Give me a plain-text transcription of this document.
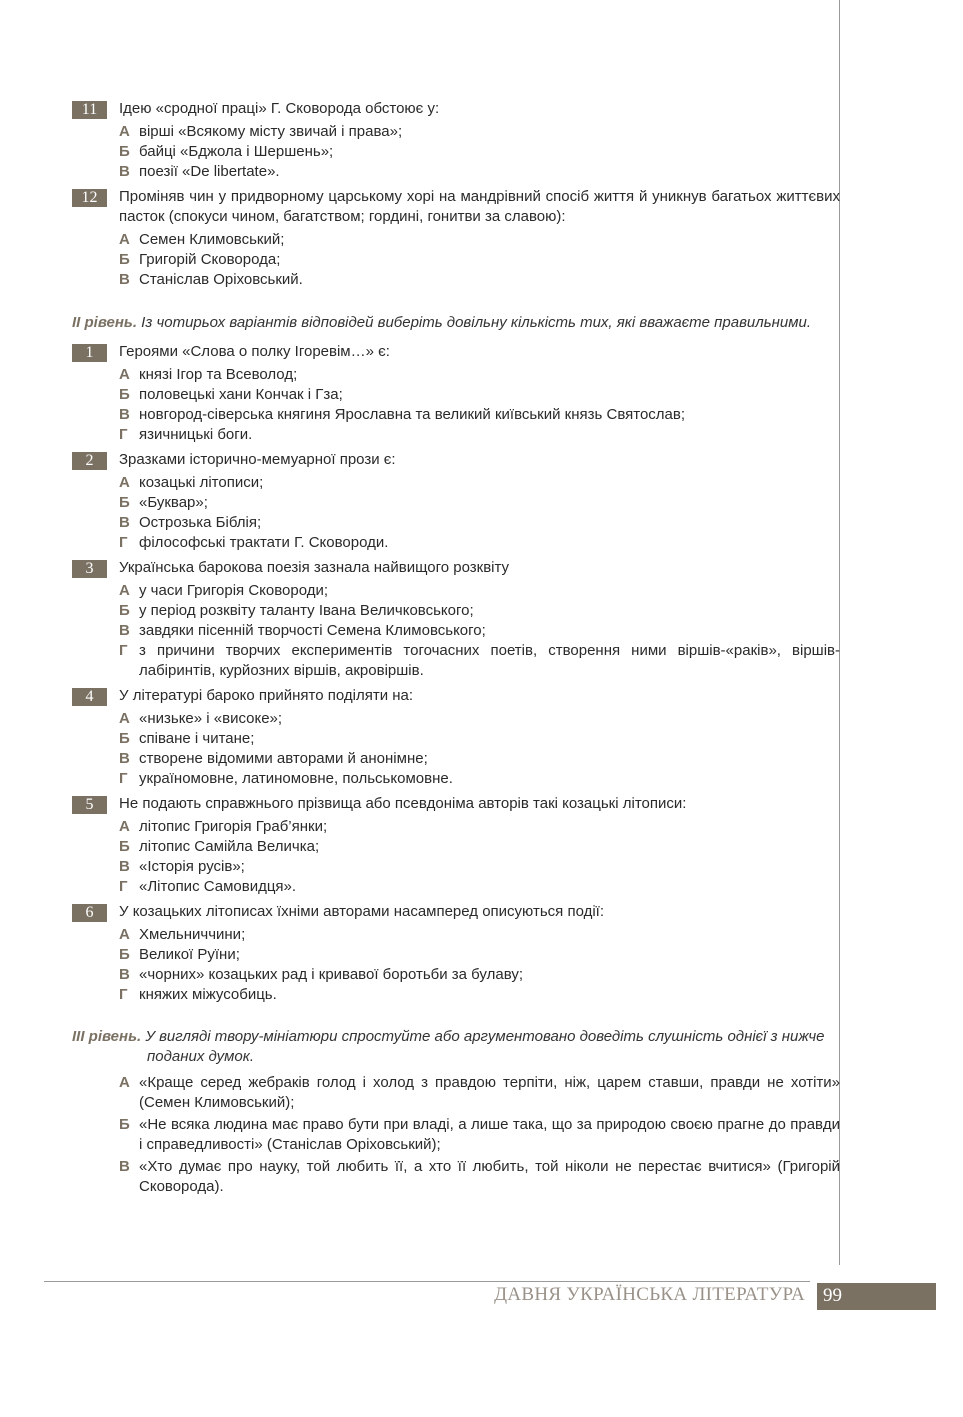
11	Ідею «сродної праці» Г. Сковорода обстоює у:
А вірші «Всякому місту звичай і права»;
Б байці «Бджола і Шершень»;
В поезії «De libertate».
12	Проміняв чин у придворному царському хорі на мандрівний спосіб життя й уникнув багатьох життєвих пасток (спокуси чином, багатством; гордині, гонитви за славою):
А Семен Климовський;
Б Григорій Сковорода;
В Станіслав Оріховський.
ІІ рівень. Із чотирьох варіантів відповідей виберіть довільну кількість тих, які вважаєте правильними.
1	Героями «Слова о полку Ігоревім…» є:
А князі Ігор та Всеволод;
Б половецькі хани Кончак і Гза;
В новгород-сіверська княгиня Ярославна та великий київський князь Святослав;
Г язичницькі боги.
2	Зразками історично-мемуарної прози є:
А козацькі літописи;
Б «Буквар»;
В Острозька Біблія;
Г філософські трактати Г. Сковороди.
3	Українська барокова поезія зазнала найвищого розквіту
А у часи Григорія Сковороди;
Б у період розквіту таланту Івана Величковського;
В завдяки пісенній творчості Семена Климовського;
Г з причини творчих експериментів тогочасних поетів, створення ними віршів-«раків», віршів-лабіринтів, курйозних віршів, акровіршів.
4	У літературі бароко прийнято поділяти на:
А «низьке» і «високе»;
Б співане і читане;
В створене відомими авторами й анонімне;
Г україномовне, латиномовне, польськомовне.
5	Не подають справжнього прізвища або псевдоніма авторів такі козацькі літописи:
А літопис Григорія Граб’янки;
Б літопис Самійла Величка;
В «Історія русів»;
Г «Літопис Самовидця».
6	У козацьких літописах їхніми авторами насамперед описуються події:
А Хмельниччини;
Б Великої Руїни;
В «чорних» козацьких рад і кривавої боротьби за булаву;
Г княжих міжусобиць.
ІІІ рівень. У вигляді твору-мініатюри спростуйте або аргументовано доведіть слушність однієї з нижче поданих думок.
А «Краще серед жебраків голод і холод з правдою терпіти, ніж, царем ставши, правди не хотіти» (Семен Климовський);
Б «Не всяка людина має право бути при владі, а лише така, що за природою своєю прагне до правди і справедливості» (Станіслав Оріховський);
В «Хто думає про науку, той любить її, а хто її любить, той ніколи не перестає вчитися» (Григорій Сковорода).
ДАВНЯ УКРАЇНСЬКА ЛІТЕРАТУРА 99
